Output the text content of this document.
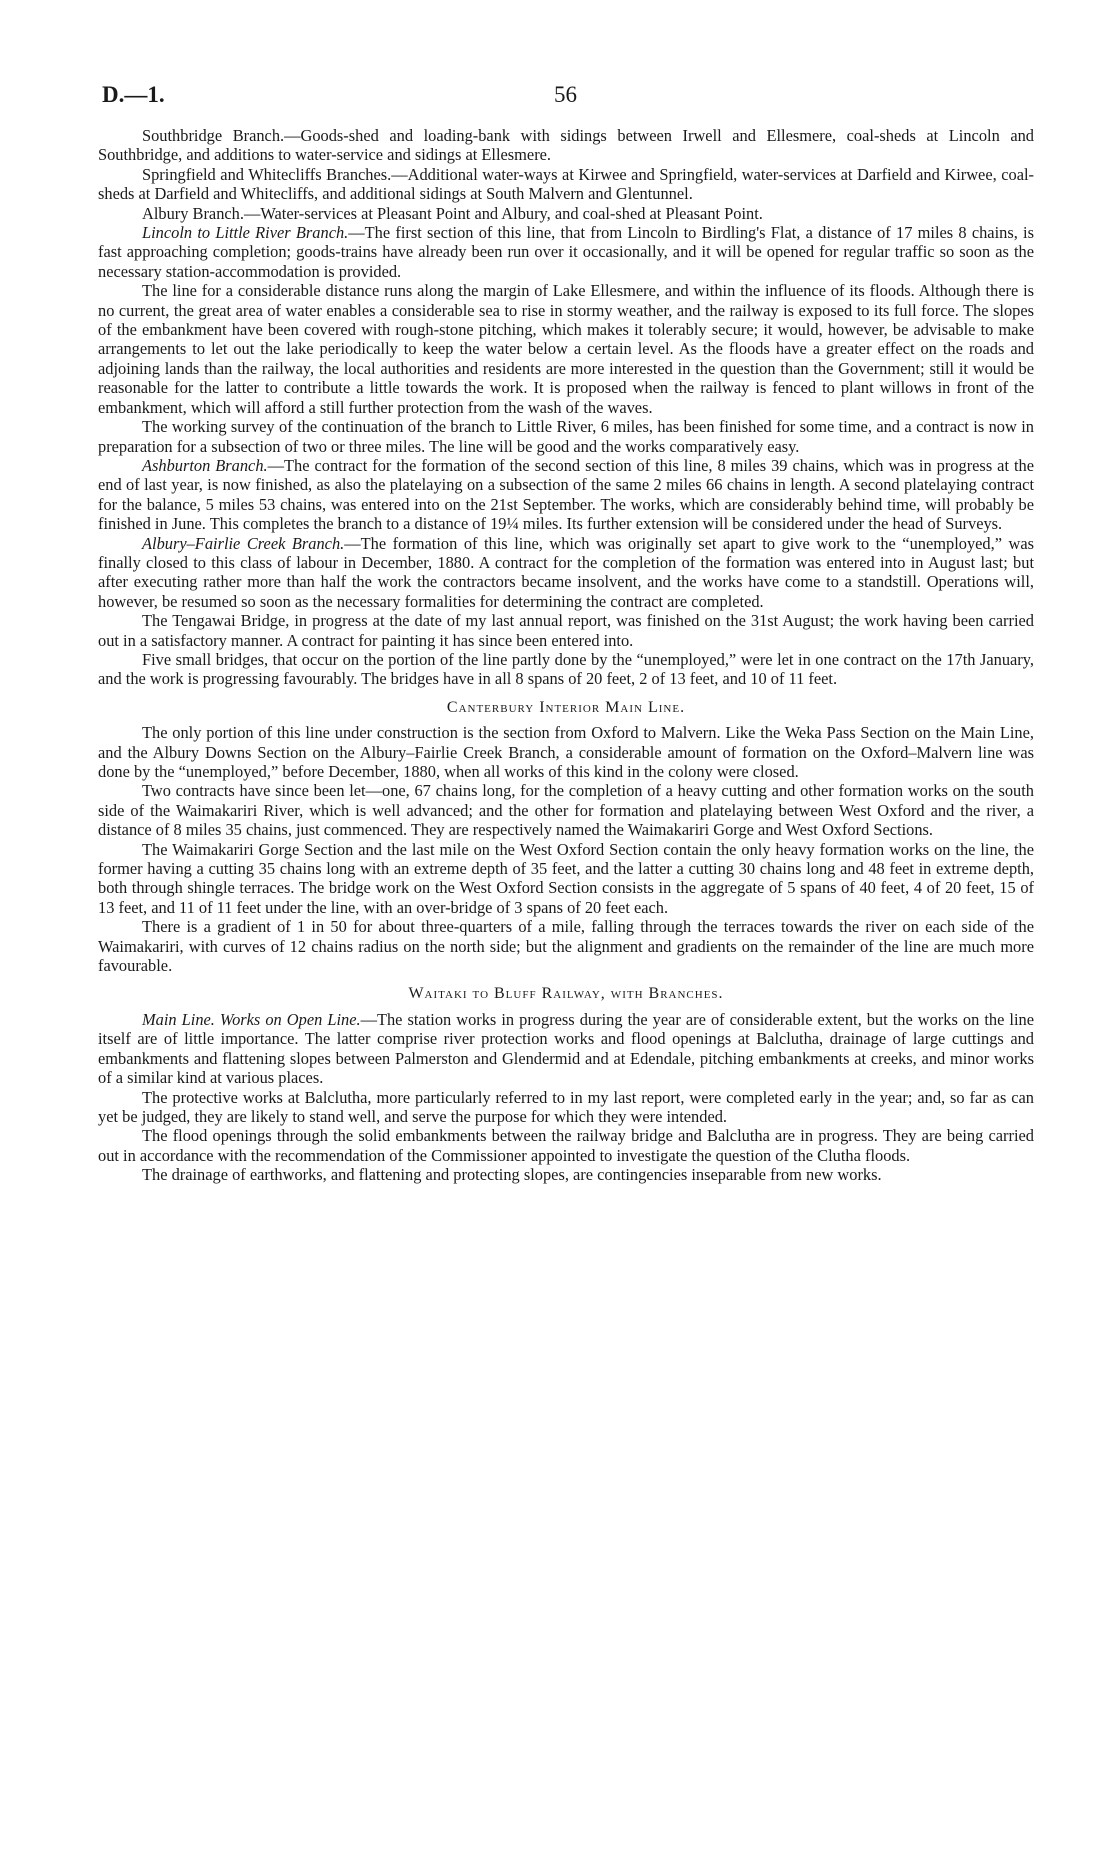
D.—1.	56

Southbridge Branch.—Goods-shed and loading-bank with sidings between Irwell and Ellesmere, coal-sheds at Lincoln and Southbridge, and additions to water-service and sidings at Ellesmere.

Springfield and Whitecliffs Branches.—Additional water-ways at Kirwee and Springfield, water-services at Darfield and Kirwee, coal-sheds at Darfield and Whitecliffs, and additional sidings at South Malvern and Glentunnel.

Albury Branch.—Water-services at Pleasant Point and Albury, and coal-shed at Pleasant Point.

Lincoln to Little River Branch.—The first section of this line, that from Lincoln to Birdling's Flat, a distance of 17 miles 8 chains, is fast approaching completion; goods-trains have already been run over it occasionally, and it will be opened for regular traffic so soon as the necessary station-accommodation is provided.

The line for a considerable distance runs along the margin of Lake Ellesmere, and within the influence of its floods. Although there is no current, the great area of water enables a considerable sea to rise in stormy weather, and the railway is exposed to its full force. The slopes of the embankment have been covered with rough-stone pitching, which makes it tolerably secure; it would, however, be advisable to make arrangements to let out the lake periodically to keep the water below a certain level. As the floods have a greater effect on the roads and adjoining lands than the railway, the local authorities and residents are more interested in the question than the Government; still it would be reasonable for the latter to contribute a little towards the work. It is proposed when the railway is fenced to plant willows in front of the embankment, which will afford a still further protection from the wash of the waves.

The working survey of the continuation of the branch to Little River, 6 miles, has been finished for some time, and a contract is now in preparation for a subsection of two or three miles. The line will be good and the works comparatively easy.

Ashburton Branch.—The contract for the formation of the second section of this line, 8 miles 39 chains, which was in progress at the end of last year, is now finished, as also the platelaying on a subsection of the same 2 miles 66 chains in length. A second platelaying contract for the balance, 5 miles 53 chains, was entered into on the 21st September. The works, which are considerably behind time, will probably be finished in June. This completes the branch to a distance of 19¼ miles. Its further extension will be considered under the head of Surveys.

Albury–Fairlie Creek Branch.—The formation of this line, which was originally set apart to give work to the “unemployed,” was finally closed to this class of labour in December, 1880. A contract for the completion of the formation was entered into in August last; but after executing rather more than half the work the contractors became insolvent, and the works have come to a standstill. Operations will, however, be resumed so soon as the necessary formalities for determining the contract are completed.

The Tengawai Bridge, in progress at the date of my last annual report, was finished on the 31st August; the work having been carried out in a satisfactory manner. A contract for painting it has since been entered into.

Five small bridges, that occur on the portion of the line partly done by the “unemployed,” were let in one contract on the 17th January, and the work is progressing favourably. The bridges have in all 8 spans of 20 feet, 2 of 13 feet, and 10 of 11 feet.

Canterbury Interior Main Line.

The only portion of this line under construction is the section from Oxford to Malvern. Like the Weka Pass Section on the Main Line, and the Albury Downs Section on the Albury–Fairlie Creek Branch, a considerable amount of formation on the Oxford–Malvern line was done by the “unemployed,” before December, 1880, when all works of this kind in the colony were closed.

Two contracts have since been let—one, 67 chains long, for the completion of a heavy cutting and other formation works on the south side of the Waimakariri River, which is well advanced; and the other for formation and platelaying between West Oxford and the river, a distance of 8 miles 35 chains, just commenced. They are respectively named the Waimakariri Gorge and West Oxford Sections.

The Waimakariri Gorge Section and the last mile on the West Oxford Section contain the only heavy formation works on the line, the former having a cutting 35 chains long with an extreme depth of 35 feet, and the latter a cutting 30 chains long and 48 feet in extreme depth, both through shingle terraces. The bridge work on the West Oxford Section consists in the aggregate of 5 spans of 40 feet, 4 of 20 feet, 15 of 13 feet, and 11 of 11 feet under the line, with an over-bridge of 3 spans of 20 feet each.

There is a gradient of 1 in 50 for about three-quarters of a mile, falling through the terraces towards the river on each side of the Waimakariri, with curves of 12 chains radius on the north side; but the alignment and gradients on the remainder of the line are much more favourable.

Waitaki to Bluff Railway, with Branches.

Main Line. Works on Open Line.—The station works in progress during the year are of considerable extent, but the works on the line itself are of little importance. The latter comprise river protection works and flood openings at Balclutha, drainage of large cuttings and embankments and flattening slopes between Palmerston and Glendermid and at Edendale, pitching embankments at creeks, and minor works of a similar kind at various places.

The protective works at Balclutha, more particularly referred to in my last report, were completed early in the year; and, so far as can yet be judged, they are likely to stand well, and serve the purpose for which they were intended.

The flood openings through the solid embankments between the railway bridge and Balclutha are in progress. They are being carried out in accordance with the recommendation of the Commissioner appointed to investigate the question of the Clutha floods.

The drainage of earthworks, and flattening and protecting slopes, are contingencies inseparable from new works.
